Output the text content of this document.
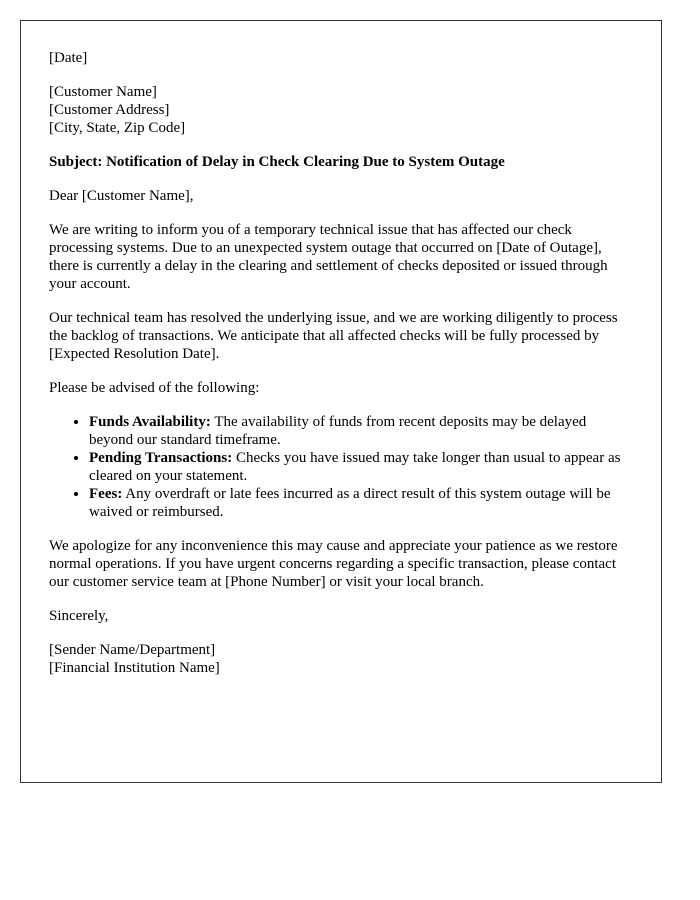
[Date]

[Customer Name]
[Customer Address]
[City, State, Zip Code]

Subject: Notification of Delay in Check Clearing Due to System Outage

Dear [Customer Name],

We are writing to inform you of a temporary technical issue that has affected our check processing systems. Due to an unexpected system outage that occurred on [Date of Outage], there is currently a delay in the clearing and settlement of checks deposited or issued through your account.

Our technical team has resolved the underlying issue, and we are working diligently to process the backlog of transactions. We anticipate that all affected checks will be fully processed by [Expected Resolution Date].

Please be advised of the following:

• Funds Availability: The availability of funds from recent deposits may be delayed beyond our standard timeframe.
• Pending Transactions: Checks you have issued may take longer than usual to appear as cleared on your statement.
• Fees: Any overdraft or late fees incurred as a direct result of this system outage will be waived or reimbursed.

We apologize for any inconvenience this may cause and appreciate your patience as we restore normal operations. If you have urgent concerns regarding a specific transaction, please contact our customer service team at [Phone Number] or visit your local branch.

Sincerely,

[Sender Name/Department]
[Financial Institution Name]
